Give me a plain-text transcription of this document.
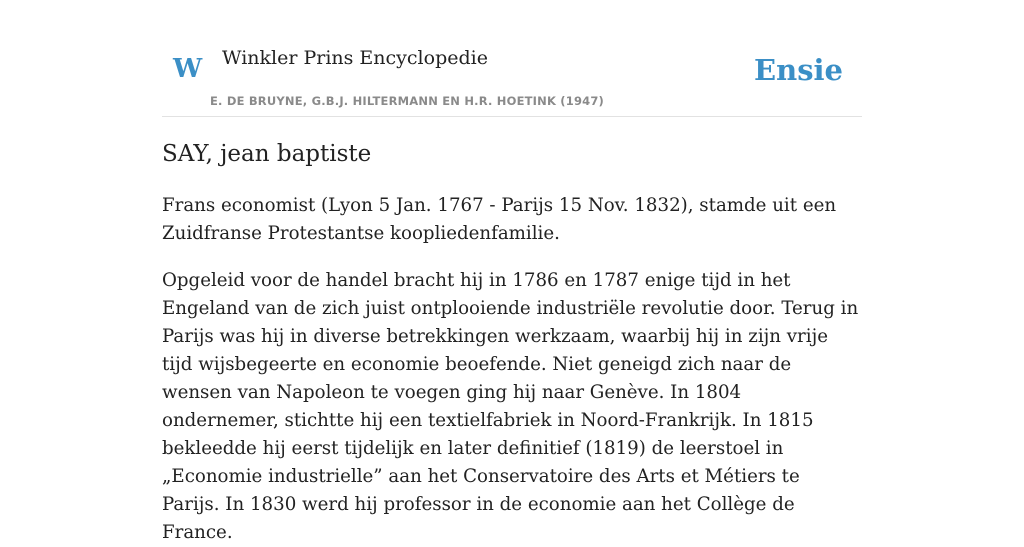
W Winkler Prins Encyclopedie
E. DE BRUYNE, G.B.J. HILTERMANN EN H.R. HOETINK (1947)
Ensie
SAY, jean baptiste

Frans economist (Lyon 5 Jan. 1767 - Parijs 15 Nov. 1832), stamde uit een Zuidfranse Protestantse koopliedenfamilie.

Opgeleid voor de handel bracht hij in 1786 en 1787 enige tijd in het Engeland van de zich juist ontplooiende industriële revolutie door. Terug in Parijs was hij in diverse betrekkingen werkzaam, waarbij hij in zijn vrije tijd wijsbegeerte en economie beoefende. Niet geneigd zich naar de wensen van Napoleon te voegen ging hij naar Genève. In 1804 ondernemer, stichtte hij een textielfabriek in Noord-Frankrijk. In 1815 bekleedde hij eerst tijdelijk en later definitief (1819) de leerstoel in „Economie industrielle” aan het Conservatoire des Arts et Métiers te Parijs. In 1830 werd hij professor in de economie aan het Collège de France.
